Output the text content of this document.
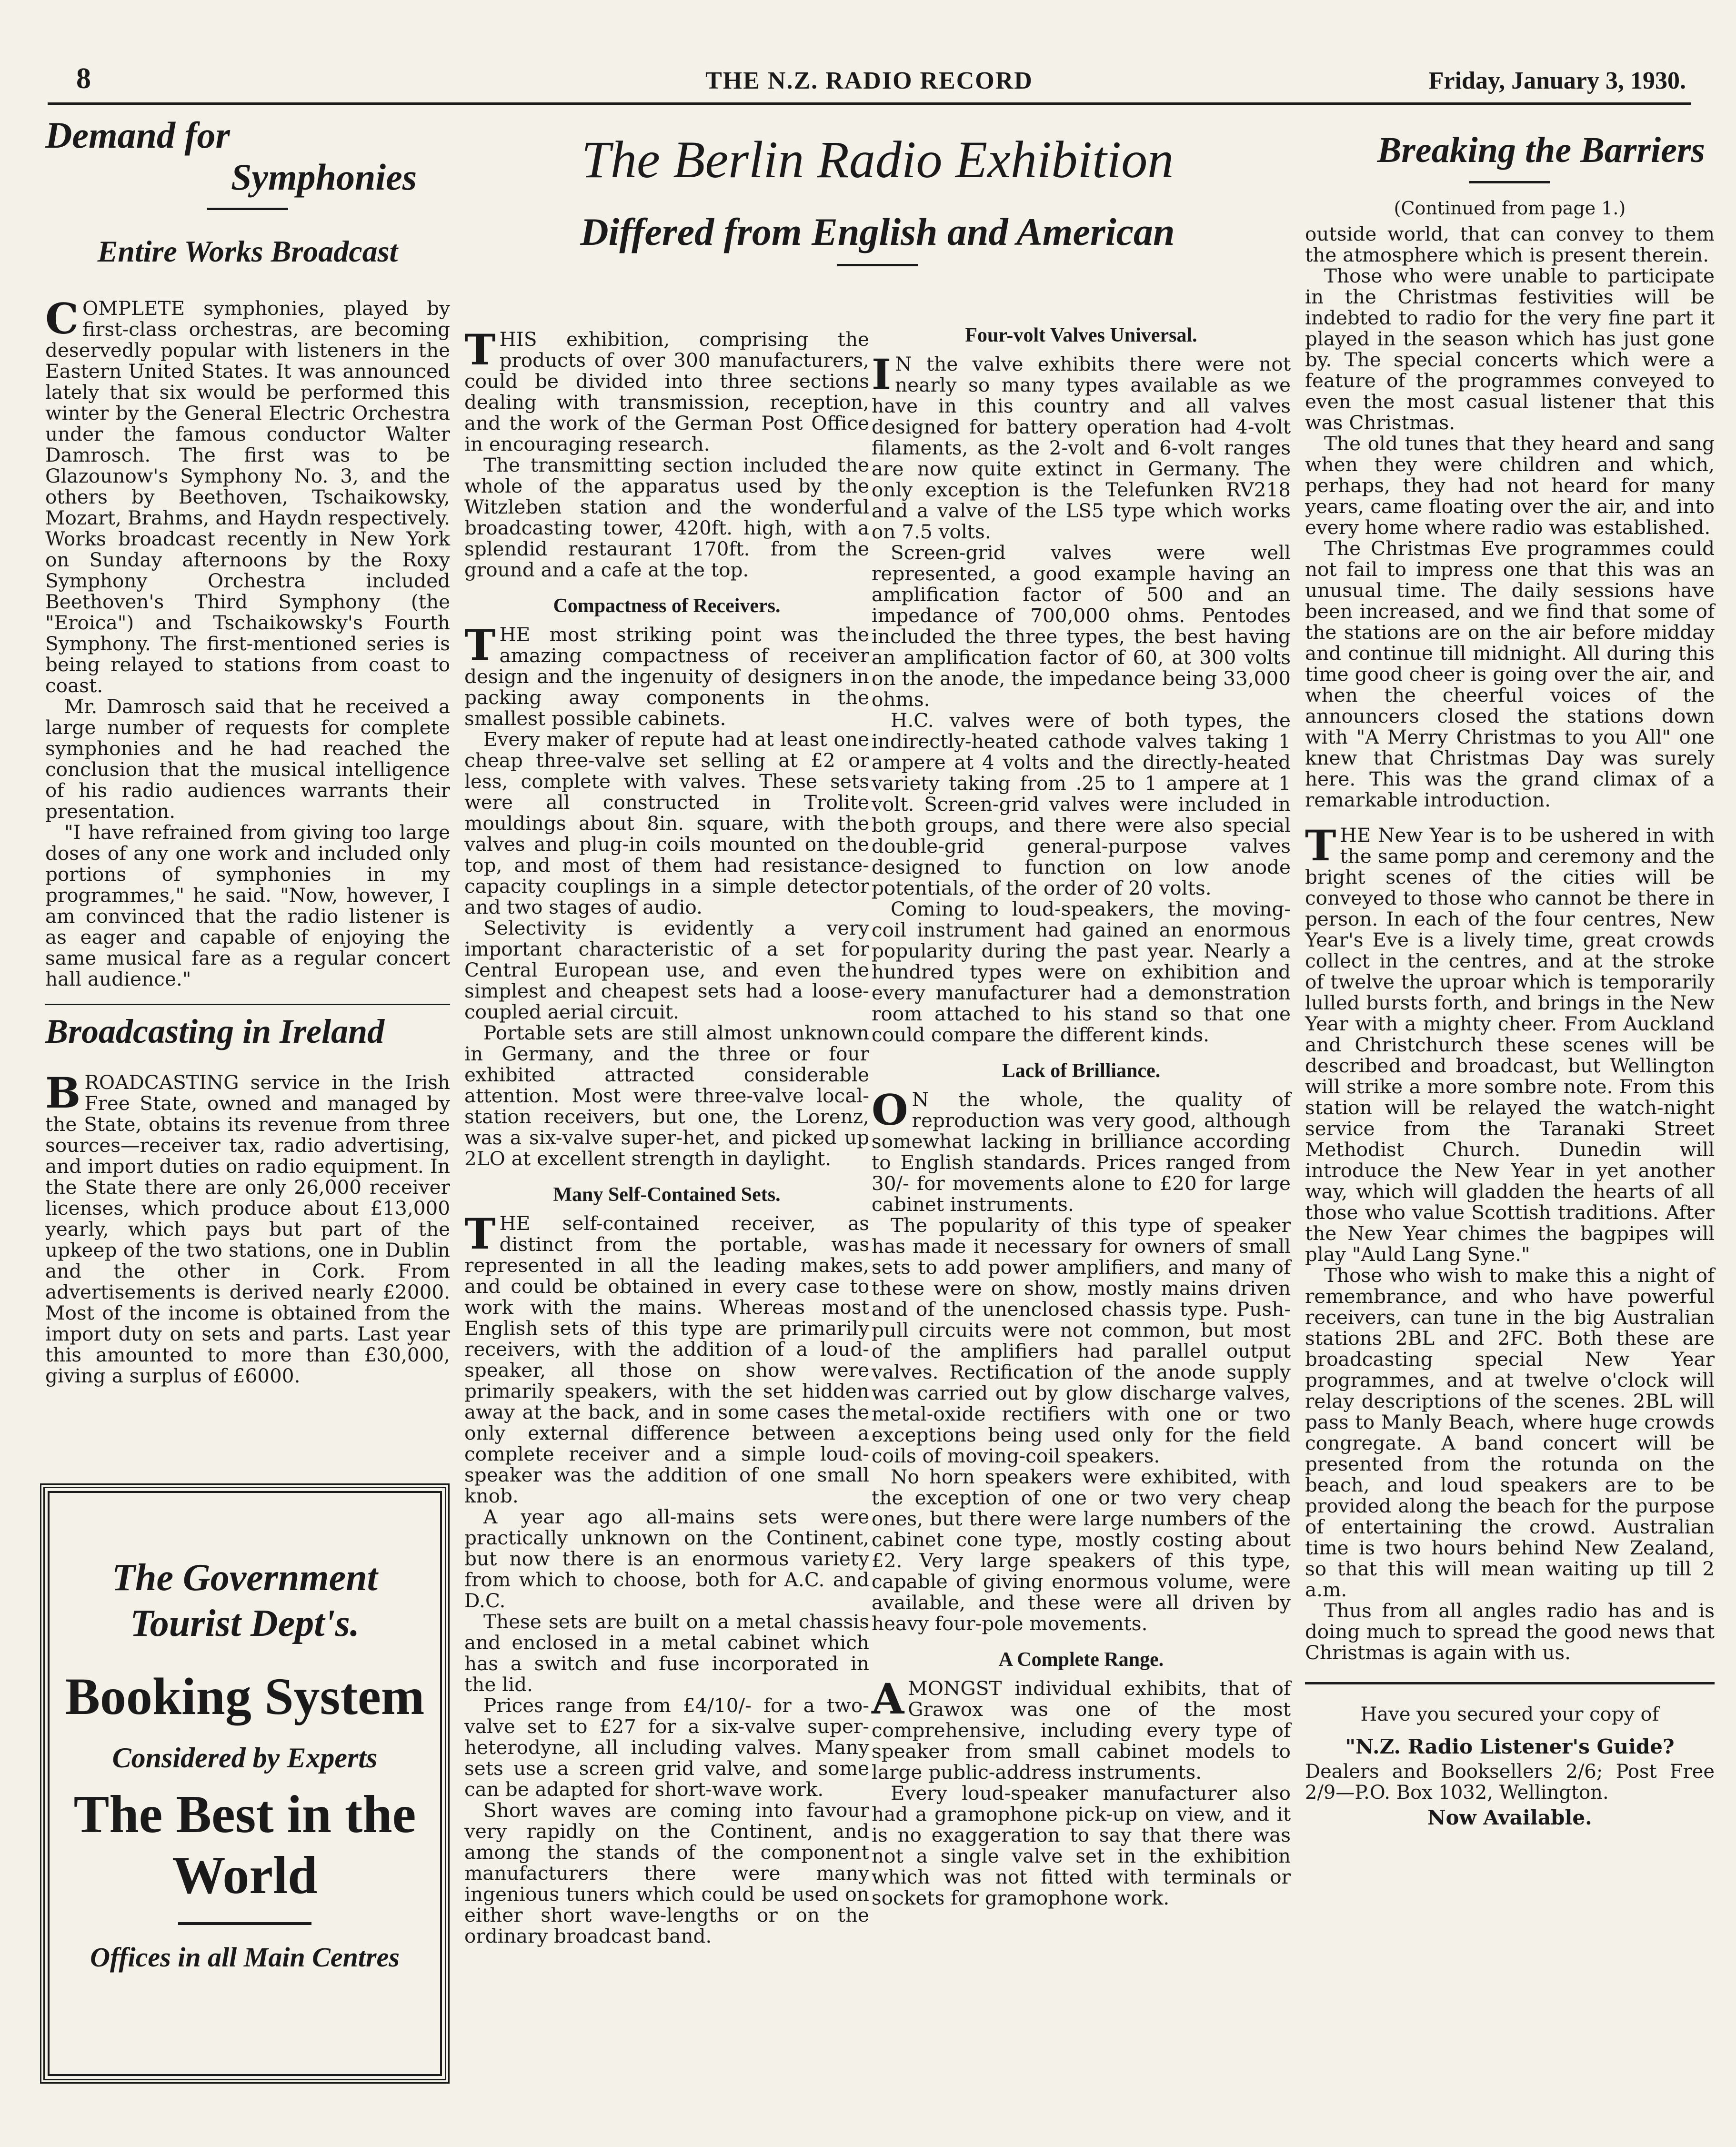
8	THE N.Z. RADIO RECORD	Friday, January 3, 1930.
Demand for
Symphonies
Entire Works Broadcast

COMPLETE symphonies, played by first-class orchestras, are becoming deservedly popular with listeners in the Eastern United States. It was announced lately that six would be performed this winter by the General Electric Orchestra under the famous conductor Walter Damrosch. The first was to be Glazounow's Symphony No. 3, and the others by Beethoven, Tschaikowsky, Mozart, Brahms, and Haydn respectively. Works broadcast recently in New York on Sunday afternoons by the Roxy Symphony Orchestra included Beethoven's Third Symphony (the "Eroica") and Tschaikowsky's Fourth Symphony. The first-mentioned series is being relayed to stations from coast to coast.

Mr. Damrosch said that he received a large number of requests for complete symphonies and he had reached the conclusion that the musical intelligence of his radio audiences warrants their presentation.

"I have refrained from giving too large doses of any one work and included only portions of symphonies in my programmes," he said. "Now, however, I am convinced that the radio listener is as eager and capable of enjoying the same musical fare as a regular concert hall audience."

Broadcasting in Ireland

BROADCASTING service in the Irish Free State, owned and managed by the State, obtains its revenue from three sources—receiver tax, radio advertising, and import duties on radio equipment. In the State there are only 26,000 receiver licenses, which produce about £13,000 yearly, which pays but part of the upkeep of the two stations, one in Dublin and the other in Cork. From advertisements is derived nearly £2000. Most of the income is obtained from the import duty on sets and parts. Last year this amounted to more than £30,000, giving a surplus of £6000.

The Government
Tourist Dept's.
Booking System
Considered by Experts
The Best in the
World
Offices in all Main Centres
The Berlin Radio Exhibition
Differed from English and American

THIS exhibition, comprising the products of over 300 manufacturers, could be divided into three sections dealing with transmission, reception, and the work of the German Post Office in encouraging research.

The transmitting section included the whole of the apparatus used by the Witzleben station and the wonderful broadcasting tower, 420ft. high, with a splendid restaurant 170ft. from the ground and a cafe at the top.

Compactness of Receivers.

THE most striking point was the amazing compactness of receiver design and the ingenuity of designers in packing away components in the smallest possible cabinets.

Every maker of repute had at least one cheap three-valve set selling at £2 or less, complete with valves. These sets were all constructed in Trolite mouldings about 8in. square, with the valves and plug-in coils mounted on the top, and most of them had resistance-capacity couplings in a simple detector and two stages of audio.

Selectivity is evidently a very important characteristic of a set for Central European use, and even the simplest and cheapest sets had a loose-coupled aerial circuit.

Portable sets are still almost unknown in Germany, and the three or four exhibited attracted considerable attention. Most were three-valve local-station receivers, but one, the Lorenz, was a six-valve super-het, and picked up 2LO at excellent strength in daylight.

Many Self-Contained Sets.

THE self-contained receiver, as distinct from the portable, was represented in all the leading makes, and could be obtained in every case to work with the mains. Whereas most English sets of this type are primarily receivers, with the addition of a loud-speaker, all those on show were primarily speakers, with the set hidden away at the back, and in some cases the only external difference between a complete receiver and a simple loud-speaker was the addition of one small knob.

A year ago all-mains sets were practically unknown on the Continent, but now there is an enormous variety from which to choose, both for A.C. and D.C.

These sets are built on a metal chassis and enclosed in a metal cabinet which has a switch and fuse incorporated in the lid.

Prices range from £4/10/- for a two-valve set to £27 for a six-valve super-heterodyne, all including valves. Many sets use a screen grid valve, and some can be adapted for short-wave work.

Short waves are coming into favour very rapidly on the Continent, and among the stands of the component manufacturers there were many ingenious tuners which could be used on either short wave-lengths or on the ordinary broadcast band.

Four-volt Valves Universal.

I N the valve exhibits there were not nearly so many types available as we have in this country and all valves designed for battery operation had 4-volt filaments, as the 2-volt and 6-volt ranges are now quite extinct in Germany. The only exception is the Telefunken RV218 and a valve of the LS5 type which works on 7.5 volts.

Screen-grid valves were well represented, a good example having an amplification factor of 500 and an impedance of 700,000 ohms. Pentodes included the three types, the best having an amplification factor of 60, at 300 volts on the anode, the impedance being 33,000 ohms.

H.C. valves were of both types, the indirectly-heated cathode valves taking 1 ampere at 4 volts and the directly-heated variety taking from .25 to 1 ampere at 1 volt. Screen-grid valves were included in both groups, and there were also special double-grid general-purpose valves designed to function on low anode potentials, of the order of 20 volts.

Coming to loud-speakers, the moving-coil instrument had gained an enormous popularity during the past year. Nearly a hundred types were on exhibition and every manufacturer had a demonstration room attached to his stand so that one could compare the different kinds.

Lack of Brilliance.

O N the whole, the quality of reproduction was very good, although somewhat lacking in brilliance according to English standards. Prices ranged from 30/- for movements alone to £20 for large cabinet instruments.

The popularity of this type of speaker has made it necessary for owners of small sets to add power amplifiers, and many of these were on show, mostly mains driven and of the unenclosed chassis type. Push-pull circuits were not common, but most of the amplifiers had parallel output valves. Rectification of the anode supply was carried out by glow discharge valves, metal-oxide rectifiers with one or two exceptions being used only for the field coils of moving-coil speakers.

No horn speakers were exhibited, with the exception of one or two very cheap ones, but there were large numbers of the cabinet cone type, mostly costing about £2. Very large speakers of this type, capable of giving enormous volume, were available, and these were all driven by heavy four-pole movements.

A Complete Range.

AMONGST individual exhibits, that of Grawox was one of the most comprehensive, including every type of speaker from small cabinet models to large public-address instruments.

Every loud-speaker manufacturer also had a gramophone pick-up on view, and it is no exaggeration to say that there was not a single valve set in the exhibition which was not fitted with terminals or sockets for gramophone work.

Breaking the Barriers
(Continued from page 1.)

outside world, that can convey to them the atmosphere which is present therein.

Those who were unable to participate in the Christmas festivities will be indebted to radio for the very fine part it played in the season which has just gone by. The special concerts which were a feature of the programmes conveyed to even the most casual listener that this was Christmas.

The old tunes that they heard and sang when they were children and which, perhaps, they had not heard for many years, came floating over the air, and into every home where radio was established.

The Christmas Eve programmes could not fail to impress one that this was an unusual time. The daily sessions have been increased, and we find that some of the stations are on the air before midday and continue till midnight. All during this time good cheer is going over the air, and when the cheerful voices of the announcers closed the stations down with "A Merry Christmas to you All" one knew that Christmas Day was surely here. This was the grand climax of a remarkable introduction.

THE New Year is to be ushered in with the same pomp and ceremony and the bright scenes of the cities will be conveyed to those who cannot be there in person. In each of the four centres, New Year's Eve is a lively time, great crowds collect in the centres, and at the stroke of twelve the uproar which is temporarily lulled bursts forth, and brings in the New Year with a mighty cheer. From Auckland and Christchurch these scenes will be described and broadcast, but Wellington will strike a more sombre note. From this station will be relayed the watch-night service from the Taranaki Street Methodist Church. Dunedin will introduce the New Year in yet another way, which will gladden the hearts of all those who value Scottish traditions. After the New Year chimes the bagpipes will play "Auld Lang Syne."

Those who wish to make this a night of remembrance, and who have powerful receivers, can tune in the big Australian stations 2BL and 2FC. Both these are broadcasting special New Year programmes, and at twelve o'clock will relay descriptions of the scenes. 2BL will pass to Manly Beach, where huge crowds congregate. A band concert will be presented from the rotunda on the beach, and loud speakers are to be provided along the beach for the purpose of entertaining the crowd. Australian time is two hours behind New Zealand, so that this will mean waiting up till 2 a.m.

Thus from all angles radio has and is doing much to spread the good news that Christmas is again with us.

Have you secured your copy of
"N.Z. Radio Listener's Guide?
Dealers and Booksellers 2/6; Post Free 2/9—P.O. Box 1032, Wellington.
Now Available.
